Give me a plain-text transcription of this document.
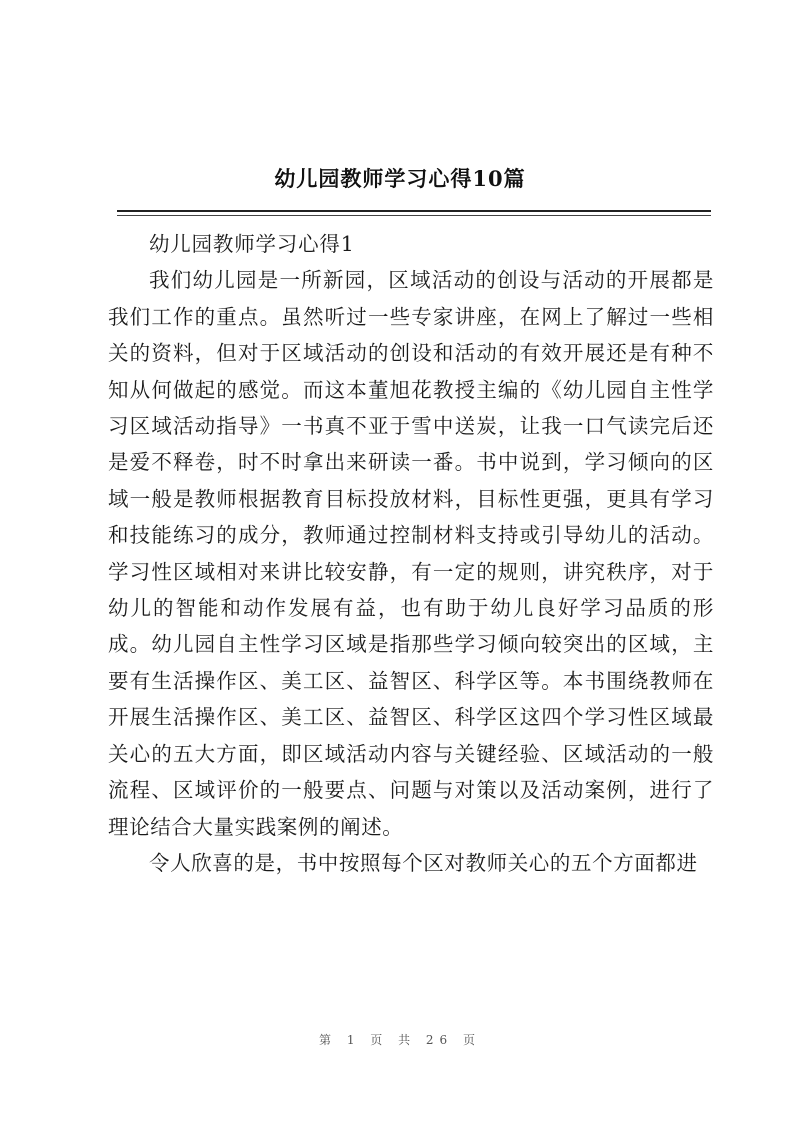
幼儿园教师学习心得10篇

幼儿园教师学习心得1

我们幼儿园是一所新园，区域活动的创设与活动的开展都是我们工作的重点。虽然听过一些专家讲座，在网上了解过一些相关的资料，但对于区域活动的创设和活动的有效开展还是有种不知从何做起的感觉。而这本董旭花教授主编的《幼儿园自主性学习区域活动指导》一书真不亚于雪中送炭，让我一口气读完后还是爱不释卷，时不时拿出来研读一番。书中说到，学习倾向的区域一般是教师根据教育目标投放材料，目标性更强，更具有学习和技能练习的成分，教师通过控制材料支持或引导幼儿的活动。学习性区域相对来讲比较安静，有一定的规则，讲究秩序，对于幼儿的智能和动作发展有益，也有助于幼儿良好学习品质的形成。幼儿园自主性学习区域是指那些学习倾向较突出的区域，主要有生活操作区、美工区、益智区、科学区等。本书围绕教师在开展生活操作区、美工区、益智区、科学区这四个学习性区域最关心的五大方面，即区域活动内容与关键经验、区域活动的一般流程、区域评价的一般要点、问题与对策以及活动案例，进行了理论结合大量实践案例的阐述。

令人欣喜的是，书中按照每个区对教师关心的五个方面都进

第 1 页 共 26 页
